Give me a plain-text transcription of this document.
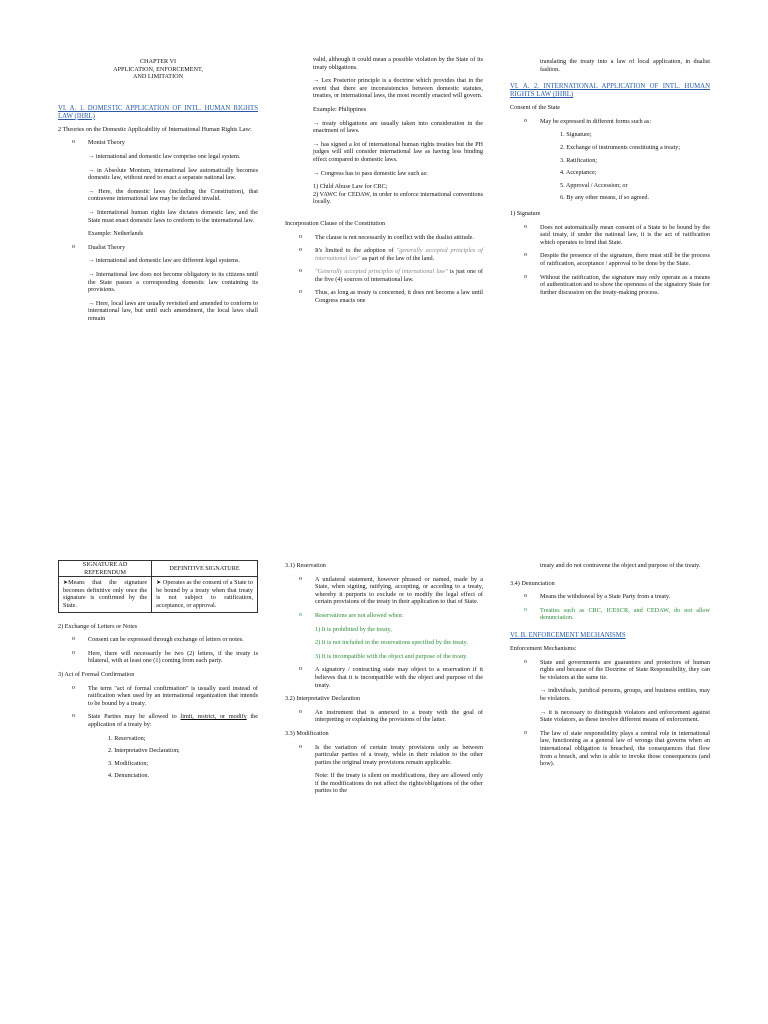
CHAPTER VI
APPLICATION, ENFORCEMENT,
AND LIMITATION
VI. A. 1. DOMESTIC APPLICATION OF INTL. HUMAN RIGHTS LAW (IHRL)

2 Theories on the Domestic Applicability of International Human Rights Law:

o Monist Theory
→ international and domestic law comprise one legal system.
→ in Absolute Monism, international law automatically becomes domestic law, without need to enact a separate national law.
→ Here, the domestic laws (including the Constitution), that contravene international law may be declared invalid.
→ International human rights law dictates domestic law, and the State must enact domestic laws to conform to the international law.
Example: Netherlands
o Dualist Theory
→ international and domestic law are different legal systems.
→ International law does not become obligatory to its citizens until the State passes a corresponding domestic law containing its provisions.
→ Here, local laws are usually revisited and amended to conform to international law, but until such amendment, the local laws shall remain
valid, although it could mean a possible violation by the State of its treaty obligations.
→ Lex Posterior principle is a doctrine which provides that in the event that there are inconsistencies between domestic statutes, treaties, or international laws, the most recently enacted will govern.
Example: Philippines
→ treaty obligations are usually taken into consideration in the enactment of laws.
→ has signed a lot of international human rights treaties but the PH judges will still consider international law as having less binding effect compared to domestic laws.
→ Congress has to pass domestic law such as:
1) Child Abuse Law for CRC;
2) VAWC for CEDAW, in order to enforce international conventions locally.

Incorporation Clause of the Constitution

o The clause is not necessarily in conflict with the dualist attitude.
o It's limited to the adoption of "generally accepted principles of international law" as part of the law of the land.
o "Generally accepted principles of international law" is just one of the five (4) sources of international law.
o Thus, as long as treaty is concerned, it does not become a law until Congress enacts one
translating the treaty into a law of local application, in dualist fashion.
VI. A. 2. INTERNATIONAL APPLICATION OF INTL. HUMAN RIGHTS LAW (IHRL)

Consent of the State

o May be expressed in different forms such as:
1. Signature;
2. Exchange of instruments constituting a treaty;
3. Ratification;
4. Acceptance;
5. Approval / Accession; or
6. By any other means, if so agreed.

1) Signature

o Does not automatically mean consent of a State to be bound by the said treaty, if under the national law, it is the act of ratification which operates to bind that State.
o Despite the presence of the signature, there must still be the process of ratification, acceptance / approval to be done by the State.
o Without the ratification, the signature may only operate as a means of authentication and to show the openness of the signatory State for further discussion on the treaty-making process.
SIGNATURE AD REFERENDUM	DEFINITIVE SIGNATURE
➤Means that the signature becomes definitive only once the signature is confirmed by the State.	➤ Operates as the consent of a State to be bound by a treaty when that treaty is not subject to ratification, acceptance, or approval.

2) Exchange of Letters or Notes

o Consent can be expressed through exchange of letters or notes.
o Here, there will necessarily be two (2) letters, if the treaty is bilateral, with at least one (1) coming from each party.

3) Act of Formal Confirmation

o The term "act of formal confirmation" is usually used instead of ratification when used by an international organization that intends to be bound by a treaty.
o State Parties may be allowed to limit, restrict, or modify the application of a treaty by:
1. Reservation;
2. Interpretative Declaration;
3. Modification;
4. Denunciation.

3.1) Reservation

o A unilateral statement, however phrased or named, made by a State, when signing, ratifying, accepting, or acceding to a treaty, whereby it purports to exclude or to modify the legal effect of certain provisions of the treaty in their application to that of State.
o Reservations are not allowed when:
1) It is prohibited by the treaty,
2) It is not included in the reservations specified by the treaty.
3) It is incompatible with the object and purpose of the treaty.
o A signatory / contracting state may object to a reservation if it believes that it is incompatible with the object and purpose of the treaty.

3.2) Interpretative Declaration

o An instrument that is annexed to a treaty with the goal of interpreting or explaining the provisions of the latter.

3.3) Modification

o Is the variation of certain treaty provisions only as between particular parties of a treaty, while in their relation to the other parties the original treaty provisions remain applicable.
Note: If the treaty is silent on modifications, they are allowed only if the modifications do not affect the rights/obligations of the other parties to the
treaty and do not contravene the object and purpose of the treaty.

3.4) Denunciation

o Means the withdrawal by a State Party from a treaty.
o Treaties such as CRC, ICESCR, and CEDAW, do not allow denunciation.
VI. B. ENFORCEMENT MECHANISMS

Enforcement Mechanisms:

o State and governments are guarantors and protectors of human rights and because of the Doctrine of State Responsibility, they can be violators at the same tie.
→ individuals, juridical persons, groups, and business entities, may be violators.
→ it is necessary to distinguish violators and enforcement against State violators, as these involve different means of enforcement.
o The law of state responsibility plays a central role in international law, functioning as a general law of wrongs that governs when an international obligation is breached, the consequences that flow from a breach, and who is able to invoke those consequences (and how).
